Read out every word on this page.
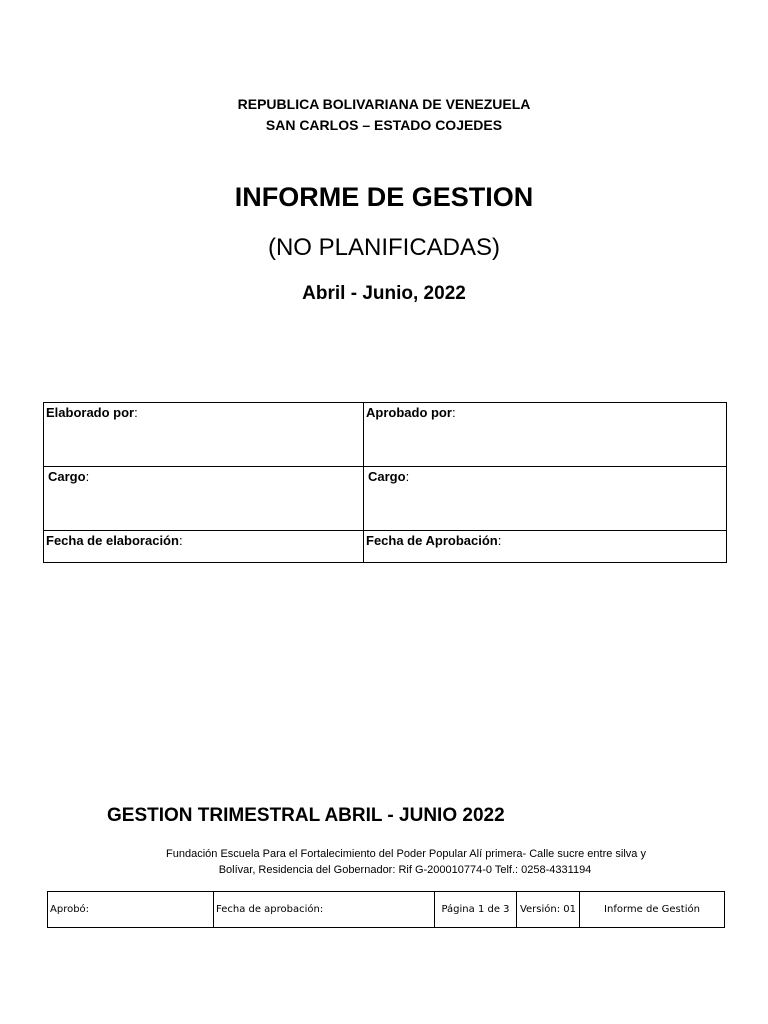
REPUBLICA BOLIVARIANA DE VENEZUELA
SAN CARLOS – ESTADO COJEDES
INFORME DE GESTION
(NO PLANIFICADAS)
Abril - Junio, 2022
Elaborado por:	Aprobado por:
Cargo:	Cargo:
Fecha de elaboración:	Fecha de Aprobación:
GESTION TRIMESTRAL ABRIL - JUNIO 2022
Fundación Escuela Para el Fortalecimiento del Poder Popular Alí primera- Calle sucre entre silva y
Bolívar, Residencia del Gobernador: Rif G-200010774-0 Telf.: 0258-4331194
Aprobó:	Fecha de aprobación:	Página 1 de 3	Versión: 01	Informe de Gestión
